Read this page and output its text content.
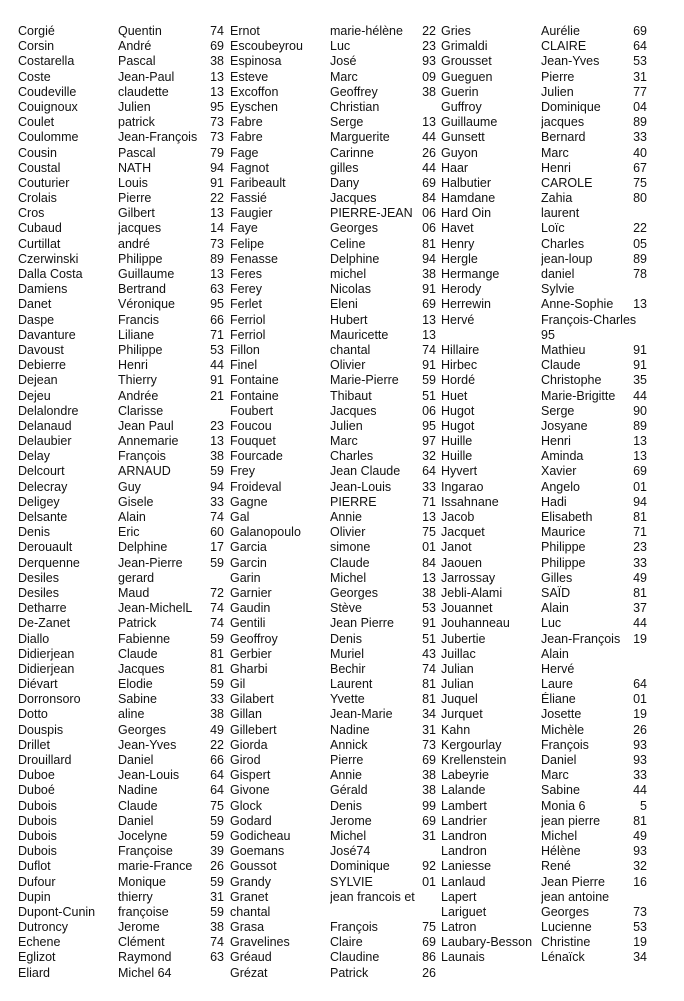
Corgié	Quentin	74
Corsin	André	69
Costarella	Pascal	38
Coste	Jean-Paul	13
Coudeville	claudette	13
Couignoux	Julien	95
Coulet	patrick	73
Coulomme	Jean-François	73
Cousin	Pascal	79
Coustal	NATH	94
Couturier	Louis	91
Crolais	Pierre	22
Cros	Gilbert	13
Cubaud	jacques	14
Curtillat	andré	73
Czerwinski	Philippe	89
Dalla Costa	Guillaume	13
Damiens	Bertrand	63
Danet	Véronique	95
Daspe	Francis	66
Davanture	Liliane	71
Davoust	Philippe	53
Debierre	Henri	44
Dejean	Thierry	91
Dejeu	Andrée	21
Delalondre	Clarisse
Delanaud	Jean Paul	23
Delaubier	Annemarie	13
Delay	François	38
Delcourt	ARNAUD	59
Delecray	Guy	94
Deligey	Gisele	33
Delsante	Alain	74
Denis	Eric	60
Derouault	Delphine	17
Derquenne	Jean-Pierre	59
Desiles	gerard
Desiles	Maud	72
Detharre	Jean-MichelL	74
De-Zanet	Patrick	74
Diallo	Fabienne	59
Didierjean	Claude	81
Didierjean	Jacques	81
Diévart	Elodie	59
Dorronsoro	Sabine	33
Dotto	aline	38
Douspis	Georges	49
Drillet	Jean-Yves	22
Drouillard	Daniel	66
Duboe	Jean-Louis	64
Duboé	Nadine	64
Dubois	Claude	75
Dubois	Daniel	59
Dubois	Jocelyne	59
Dubois	Françoise	39
Duflot	marie-France	26
Dufour	Monique	59
Dupin	thierry	31
Dupont-Cunin	françoise	59
Dutroncy	Jerome	38
Echene	Clément	74
Eglizot	Raymond	63
Eliard	Michel 64
Ernot	marie-hélène	22
Escoubeyrou	Luc	23
Espinosa	José	93
Esteve	Marc	09
Excoffon	Geoffrey	38
Eyschen	Christian
Fabre	Serge	13
Fabre	Marguerite	44
Fage	Carinne	26
Fagnot	gilles	44
Faribeault	Dany	69
Fassié	Jacques	84
Faugier	PIERRE-JEAN 06
Faye	Georges	06
Felipe	Celine	81
Fenasse	Delphine	94
Feres	michel	38
Ferey	Nicolas	91
Ferlet	Eleni	69
Ferriol	Hubert	13
Ferriol	Mauricette	13
Fillon	chantal	74
Finel	Olivier	91
Fontaine	Marie-Pierre	59
Fontaine	Thibaut	51
Foubert	Jacques	06
Foucou	Julien	95
Fouquet	Marc	97
Fourcade	Charles	32
Frey	Jean Claude	64
Froideval	Jean-Louis	33
Gagne	PIERRE	71
Gal	Annie	13
Galanopoulo	Olivier	75
Garcia	simone	01
Garcin	Claude	84
Garin	Michel	13
Garnier	Georges	38
Gaudin	Stève	53
Gentili	Jean Pierre	91
Geoffroy	Denis	51
Gerbier	Muriel	43
Gharbi	Bechir	74
Gil	Laurent	81
Gilabert	Yvette	81
Gillan	Jean-Marie	34
Gillebert	Nadine	31
Giorda	Annick	73
Girod	Pierre	69
Gispert	Annie	38
Givone	Gérald	38
Glock	Denis	99
Godard	Jerome	69
Godicheau	Michel	31
Goemans	José74
Goussot	Dominique	92
Grandy	SYLVIE	01
Granet	jean francois et
chantal
Grasa	François	75
Gravelines	Claire	69
Gréaud	Claudine	86
Grézat	Patrick	26
Gries	Aurélie	69
Grimaldi	CLAIRE	64
Grousset	Jean-Yves	53
Gueguen	Pierre	31
Guerin	Julien	77
Guffroy	Dominique	04
Guillaume	jacques	89
Gunsett	Bernard	33
Guyon	Marc	40
Haar	Henri	67
Halbutier	CAROLE	75
Hamdane	Zahia	80
Hard Oin	laurent
Havet	Loïc	22
Henry	Charles	05
Hergle	jean-loup	89
Hermange	daniel	78
Herody	Sylvie
Herrewin	Anne-Sophie	13
Hervé	François-Charles
95
Hillaire	Mathieu	91
Hirbec	Claude	91
Hordé	Christophe	35
Huet	Marie-Brigitte	44
Hugot	Serge	90
Hugot	Josyane	89
Huille	Henri	13
Huille	Aminda	13
Hyvert	Xavier	69
Ingarao	Angelo	01
Issahnane	Hadi	94
Jacob	Elisabeth	81
Jacquet	Maurice	71
Janot	Philippe	23
Jaouen	Philippe	33
Jarrossay	Gilles	49
Jebli-Alami	SAÏD	81
Jouannet	Alain	37
Jouhanneau	Luc	44
Jubertie	Jean-François	19
Juillac	Alain
Julian	Hervé
Julian	Laure	64
Juquel	Éliane	01
Jurquet	Josette	19
Kahn	Michèle	26
Kergourlay	François	93
Krellenstein	Daniel	93
Labeyrie	Marc	33
Lalande	Sabine	44
Lambert	Monia 6	5
Landrier	jean pierre	81
Landron	Michel	49
Landron	Hélène	93
Laniesse	René	32
Lanlaud	Jean Pierre	16
Lapert	jean antoine
Lariguet	Georges	73
Latron	Lucienne	53
Laubary-Besson Christine	19
Launais	Lénaïck	34
